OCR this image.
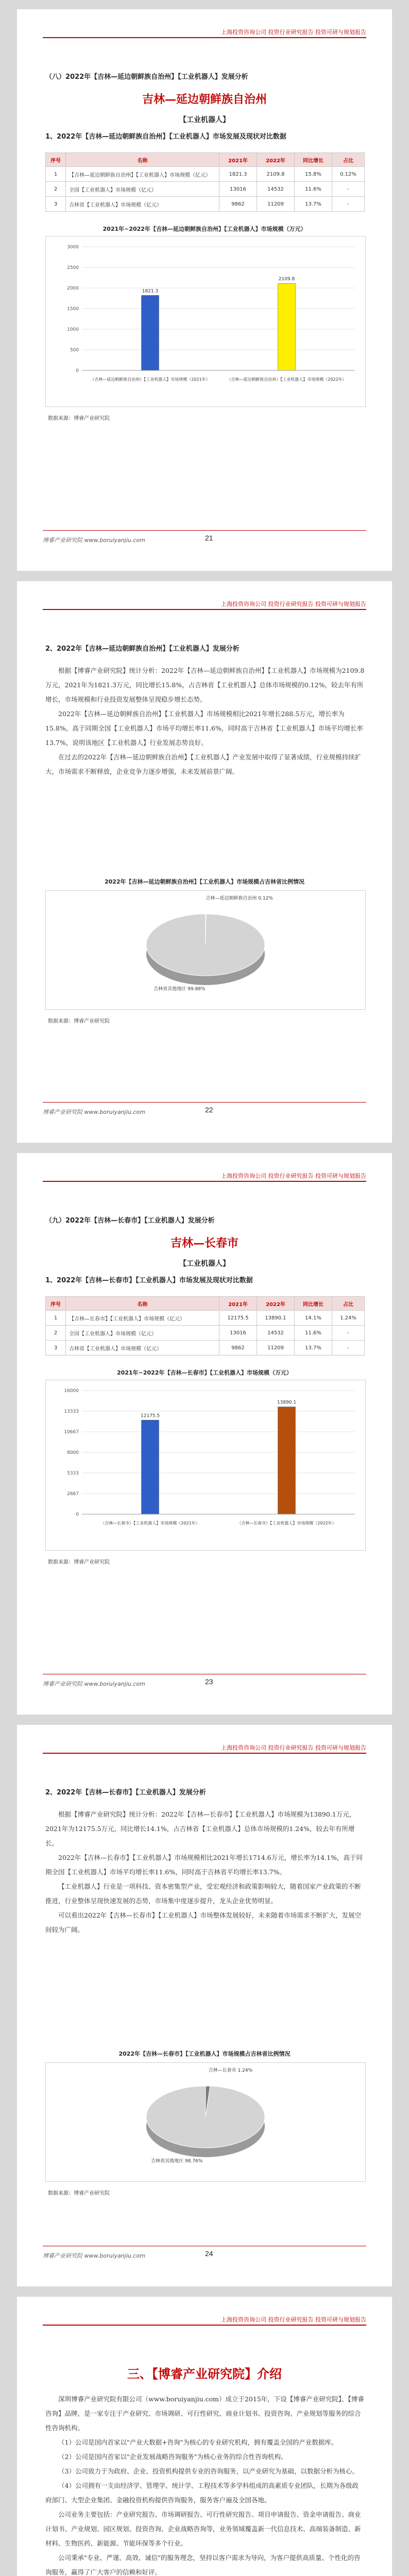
上海投资咨询公司 投资行业研究报告 投资可研与规划报告
（八）2022年【吉林—延边朝鲜族自治州】【工业机器人】发展分析
吉林—延边朝鲜族自治州
【工业机器人】
1、2022年【吉林—延边朝鲜族自治州】【工业机器人】市场发展及现状对比数据
序号	名称	2021年	2022年	同比增长	占比
1	【吉林—延边朝鲜族自治州】【工业机器人】市场规模（亿元）	1821.3	2109.8	15.8%	0.12%
2	全国【工业机器人】市场规模（亿元）	13016	14532	11.6%	-
3	吉林省【工业机器人】市场规模（亿元）	9862	11209	13.7%	-
2021年~2022年【吉林—延边朝鲜族自治州】【工业机器人】市场规模（万元）
0
500
1000
1500
2000
2500
3000
1821.3
（吉林—延边朝鲜族自治州）【工业机器人】市场规模（2021年）
2109.8
（吉林—延边朝鲜族自治州）【工业机器人】市场规模（2022年）
数据来源：博睿产业研究院
博睿产业研究院 www.boruiyanjiu.com	21
上海投资咨询公司 投资行业研究报告 投资可研与规划报告
2、2022年【吉林—延边朝鲜族自治州】【工业机器人】发展分析

根据【博睿产业研究院】统计分析：2022年【吉林—延边朝鲜族自治州】【工业机器人】市场规模为2109.8万元，2021年为1821.3万元，同比增长15.8%，占吉林省【工业机器人】总体市场规模的0.12%，较去年有所增长，市场规模和行业投资发展整体呈现稳步增长态势。

2022年【吉林—延边朝鲜族自治州】【工业机器人】市场规模相比2021年增长288.5万元，增长率为15.8%，高于同期全国【工业机器人】市场平均增长率11.6%，同时高于吉林省【工业机器人】市场平均增长率13.7%，说明该地区【工业机器人】行业发展态势良好。

在过去的2022年【吉林—延边朝鲜族自治州】【工业机器人】产业发展中取得了显著成绩，行业规模持续扩大，市场需求不断释放，企业竞争力逐步增强，未来发展前景广阔。

2022年【吉林—延边朝鲜族自治州】【工业机器人】市场规模占吉林省比例情况
吉林—延边朝鲜族自治州 0.12%
吉林省其他地区 99.88%
数据来源：博睿产业研究院
博睿产业研究院 www.boruiyanjiu.com	22
上海投资咨询公司 投资行业研究报告 投资可研与规划报告
（九）2022年【吉林—长春市】【工业机器人】发展分析
吉林—长春市
【工业机器人】
1、2022年【吉林—长春市】【工业机器人】市场发展及现状对比数据
序号	名称	2021年	2022年	同比增长	占比
1	【吉林—长春市】【工业机器人】市场规模（亿元）	12175.5	13890.1	14.1%	1.24%
2	全国【工业机器人】市场规模（亿元）	13016	14532	11.6%	-
3	吉林省【工业机器人】市场规模（亿元）	9862	11209	13.7%	-
2021年~2022年【吉林—长春市】【工业机器人】市场规模（万元）
0
2667
5333
8000
10667
13333
16000
12175.5
（吉林—长春市）【工业机器人】市场规模（2021年）
13890.1
（吉林—长春市）【工业机器人】市场规模（2022年）
数据来源：博睿产业研究院
博睿产业研究院 www.boruiyanjiu.com	23
上海投资咨询公司 投资行业研究报告 投资可研与规划报告
2、2022年【吉林—长春市】【工业机器人】发展分析

根据【博睿产业研究院】统计分析：2022年【吉林—长春市】【工业机器人】市场规模为13890.1万元，2021年为12175.5万元，同比增长14.1%，占吉林省【工业机器人】总体市场规模的1.24%，较去年有所增长。

2022年【吉林—长春市】【工业机器人】市场规模相比2021年增长1714.6万元，增长率为14.1%，高于同期全国【工业机器人】市场平均增长率11.6%，同时高于吉林省平均增长率13.7%。

【工业机器人】行业是一项科技、资本密集型产业，受宏观经济和政策影响较大，随着国家产业政策的不断推进，行业整体呈现快速发展的态势，市场集中度逐步提升，龙头企业优势明显。

可以看出2022年【吉林—长春市】【工业机器人】市场整体发展较好，未来随着市场需求不断扩大，发展空间较为广阔。

2022年【吉林—长春市】【工业机器人】市场规模占吉林省比例情况
吉林—长春市 1.24%
吉林省其他地区 98.76%
数据来源：博睿产业研究院
博睿产业研究院 www.boruiyanjiu.com	24
上海投资咨询公司 投资行业研究报告 投资可研与规划报告
三、【博睿产业研究院】介绍

深圳博睿产业研究院有限公司（www.boruiyanjiu.com）成立于2015年，下设【博睿产业研究院】、【博睿咨询】品牌，是一家专注于产业研究、市场调研、可行性研究、商业计划书、投资咨询、产业规划等服务的综合性咨询机构。

（1）公司是国内首家以"产业大数据+咨询"为核心的专业研究机构，拥有覆盖全国的产业数据库。

（2）公司是国内首家以"企业发展战略咨询服务"为核心业务的综合性咨询机构。

（3）公司致力于为政府、企业、投资机构提供专业的咨询服务，以产业研究为基础，以数据分析为核心。

（4）公司拥有一支由经济学、管理学、统计学、工程技术等多学科组成的高素质专业团队，长期为各级政府部门、大型企业集团、金融投资机构提供咨询服务，服务客户遍及全国各地。

公司业务主要包括：产业研究报告、市场调研报告、可行性研究报告、项目申请报告、资金申请报告、商业计划书、产业规划、园区规划、投资咨询、企业战略咨询等，业务领域覆盖新一代信息技术、高端装备制造、新材料、生物医药、新能源、节能环保等多个行业。

公司秉承"专业、严谨、高效、诚信"的服务理念，坚持以客户需求为导向，为客户提供高质量、个性化的咨询服务，赢得了广大客户的信赖和好评。
